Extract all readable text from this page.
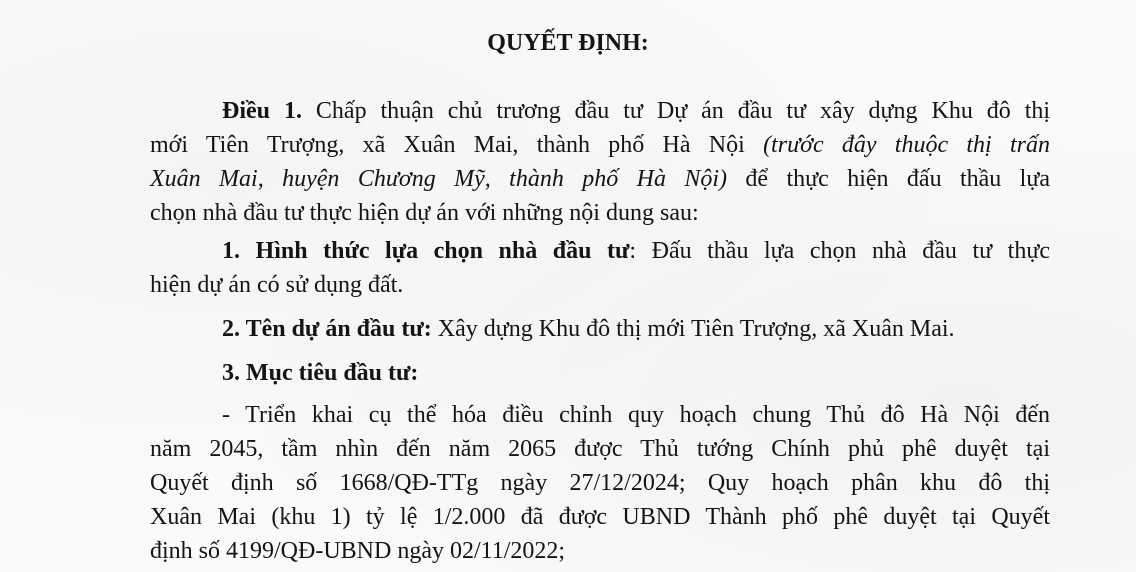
QUYẾT ĐỊNH:
Điều 1. Chấp thuận chủ trương đầu tư Dự án đầu tư xây dựng Khu đô thị
mới Tiên Trượng, xã Xuân Mai, thành phố Hà Nội (trước đây thuộc thị trấn
Xuân Mai, huyện Chương Mỹ, thành phố Hà Nội) để thực hiện đấu thầu lựa
chọn nhà đầu tư thực hiện dự án với những nội dung sau:
1. Hình thức lựa chọn nhà đầu tư: Đấu thầu lựa chọn nhà đầu tư thực
hiện dự án có sử dụng đất.
2. Tên dự án đầu tư: Xây dựng Khu đô thị mới Tiên Trượng, xã Xuân Mai.
3. Mục tiêu đầu tư:
- Triển khai cụ thể hóa điều chỉnh quy hoạch chung Thủ đô Hà Nội đến
năm 2045, tầm nhìn đến năm 2065 được Thủ tướng Chính phủ phê duyệt tại
Quyết định số 1668/QĐ-TTg ngày 27/12/2024; Quy hoạch phân khu đô thị
Xuân Mai (khu 1) tỷ lệ 1/2.000 đã được UBND Thành phố phê duyệt tại Quyết
định số 4199/QĐ-UBND ngày 02/11/2022;
